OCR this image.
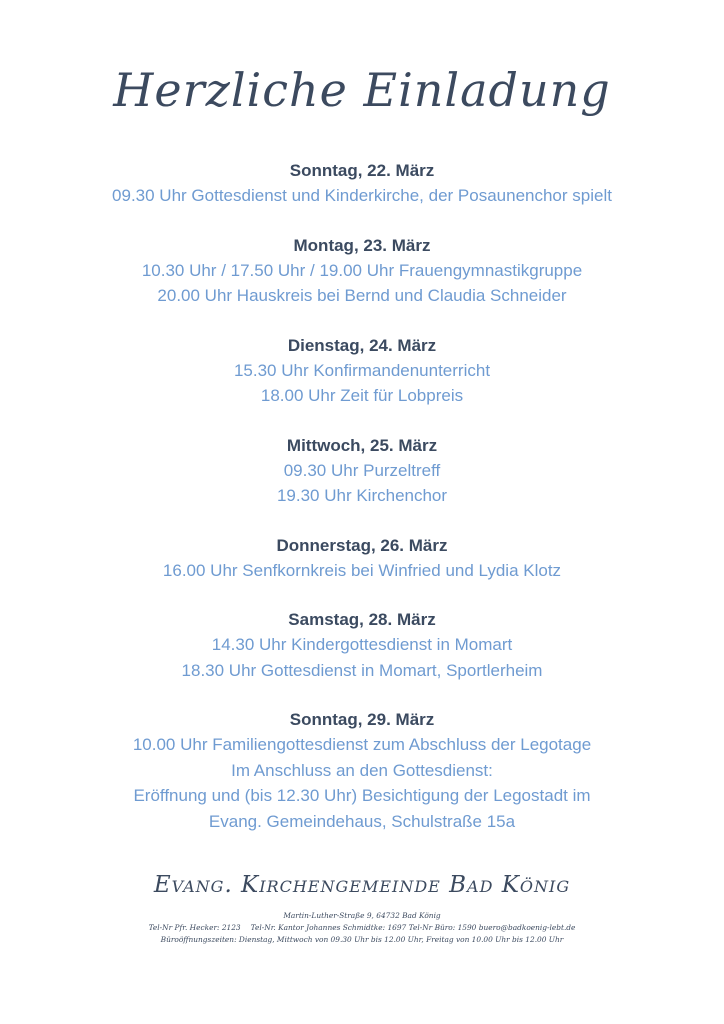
Herzliche Einladung
Sonntag, 22. März
09.30 Uhr Gottesdienst und Kinderkirche, der Posaunenchor spielt
Montag, 23. März
10.30 Uhr / 17.50 Uhr / 19.00 Uhr Frauengymnastikgruppe
20.00 Uhr Hauskreis bei Bernd und Claudia Schneider
Dienstag, 24. März
15.30 Uhr Konfirmandenunterricht
18.00 Uhr Zeit für Lobpreis
Mittwoch, 25. März
09.30 Uhr Purzeltreff
19.30 Uhr Kirchenchor
Donnerstag, 26. März
16.00 Uhr Senfkornkreis bei Winfried und Lydia Klotz
Samstag, 28. März
14.30 Uhr Kindergottesdienst in Momart
18.30 Uhr Gottesdienst in Momart, Sportlerheim
Sonntag, 29. März
10.00 Uhr Familiengottesdienst zum Abschluss der Legotage
Im Anschluss an den Gottesdienst:
Eröffnung und (bis 12.30 Uhr) Besichtigung der Legostadt im
Evang. Gemeindehaus, Schulstraße 15a
Evang. Kirchengemeinde Bad König
Martin-Luther-Straße 9, 64732 Bad König
Tel-Nr Pfr. Hecker: 2123 Tel-Nr. Kantor Johannes Schmidtke: 1697 Tel-Nr Büro: 1590 buero@badkoenig-lebt.de
Büroöffnungszeiten: Dienstag, Mittwoch von 09.30 Uhr bis 12.00 Uhr, Freitag von 10.00 Uhr bis 12.00 Uhr
